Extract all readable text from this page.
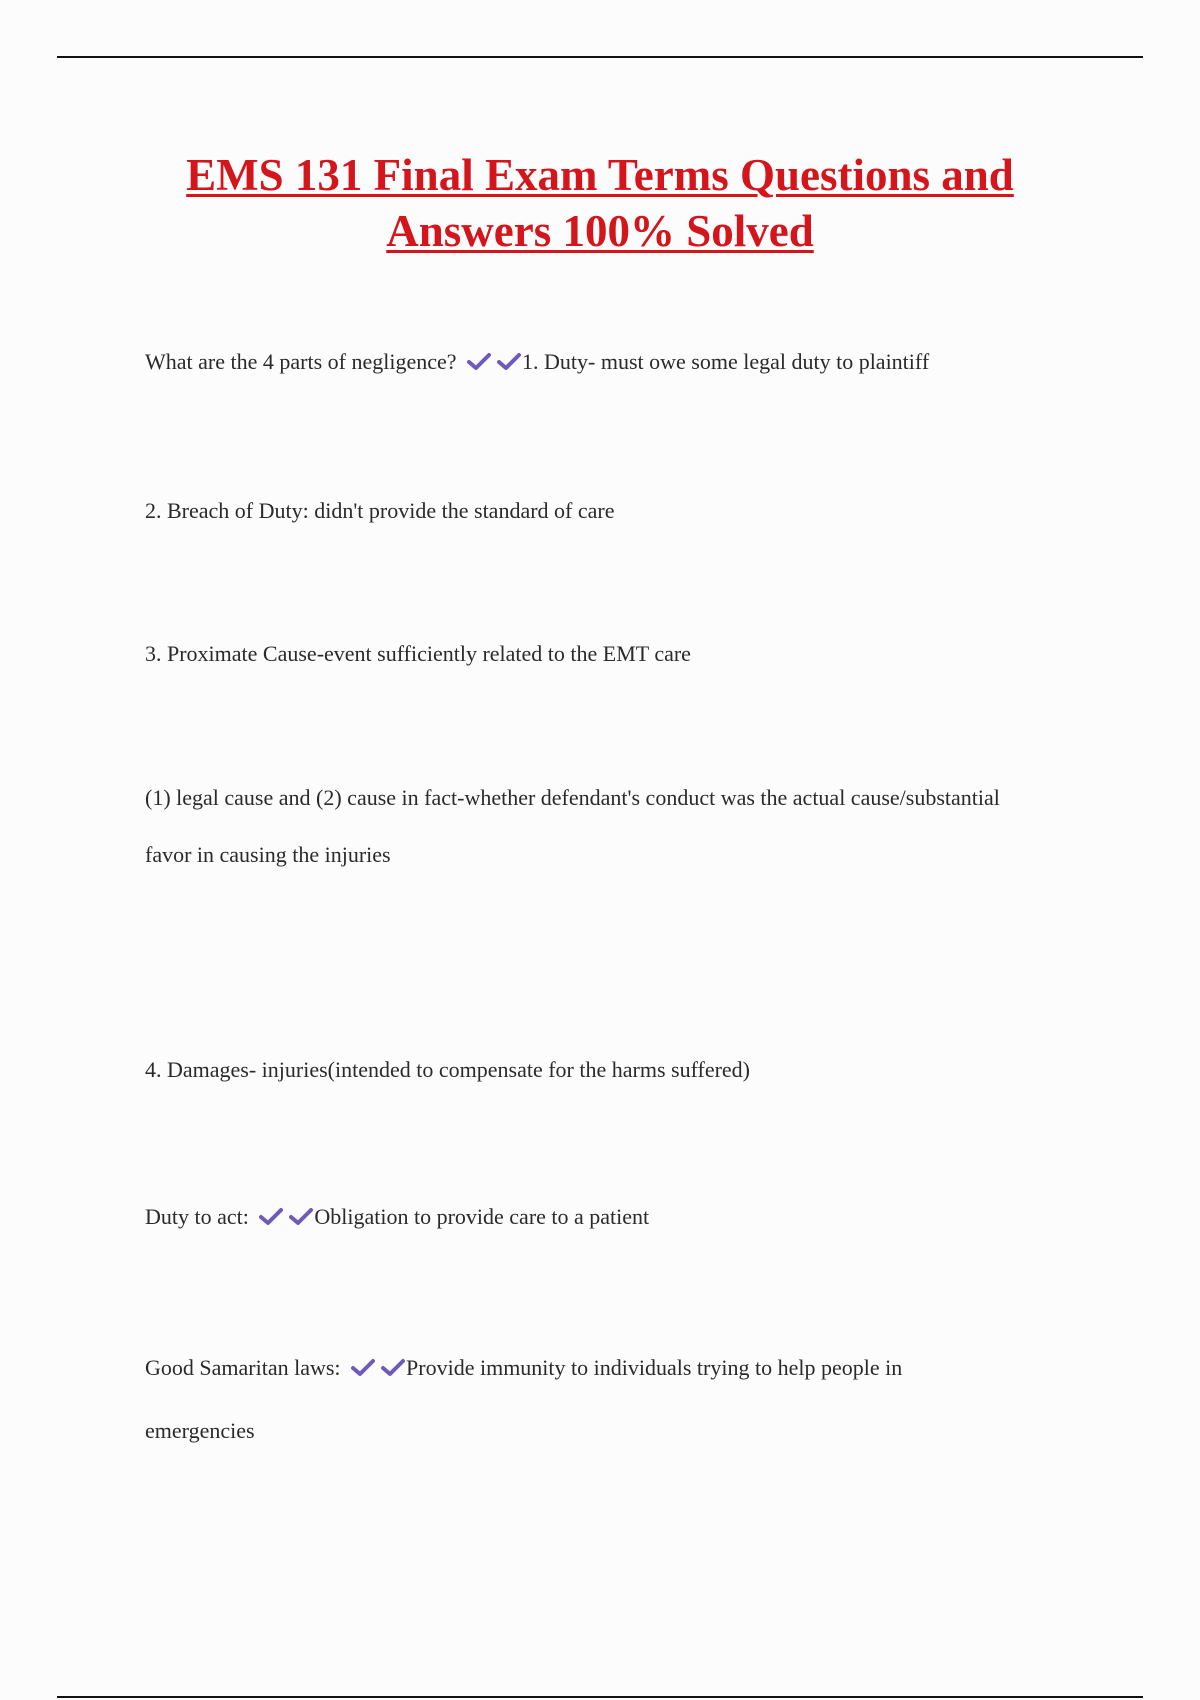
EMS 131 Final Exam Terms Questions and
Answers 100% Solved
What are the 4 parts of negligence?	1. Duty- must owe some legal duty to plaintiff
2. Breach of Duty: didn't provide the standard of care
3. Proximate Cause-event sufficiently related to the EMT care
(1) legal cause and (2) cause in fact-whether defendant's conduct was the actual cause/substantial
favor in causing the injuries
4. Damages- injuries(intended to compensate for the harms suffered)
Duty to act:	Obligation to provide care to a patient
Good Samaritan laws:	Provide immunity to individuals trying to help people in
emergencies
